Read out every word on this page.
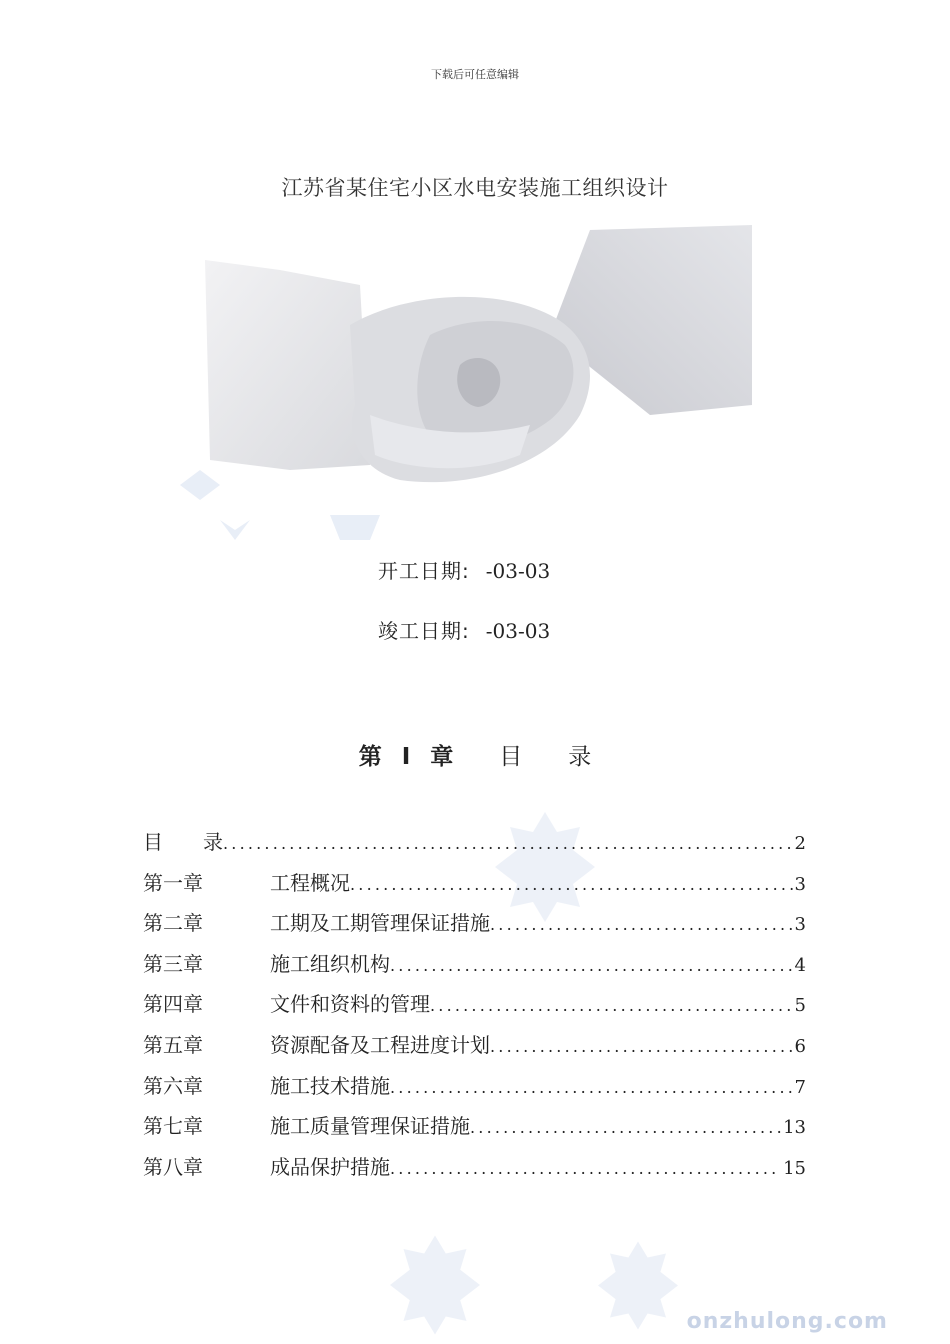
下载后可任意编辑
江苏省某住宅小区水电安装施工组织设计
开工日期: -03-03
竣工日期: -03-03
第 I 章 目　　录
目　　录 .....	2
第一章	工程概况 .....	3
第二章	工期及工期管理保证措施 .....	3
第三章	施工组织机构 .....	4
第四章	文件和资料的管理 .....	5
第五章	资源配备及工程进度计划 .....	6
第六章	施工技术措施 .....	7
第七章	施工质量管理保证措施 .....	13
第八章	成品保护措施 .....	15
onzhulong.com
